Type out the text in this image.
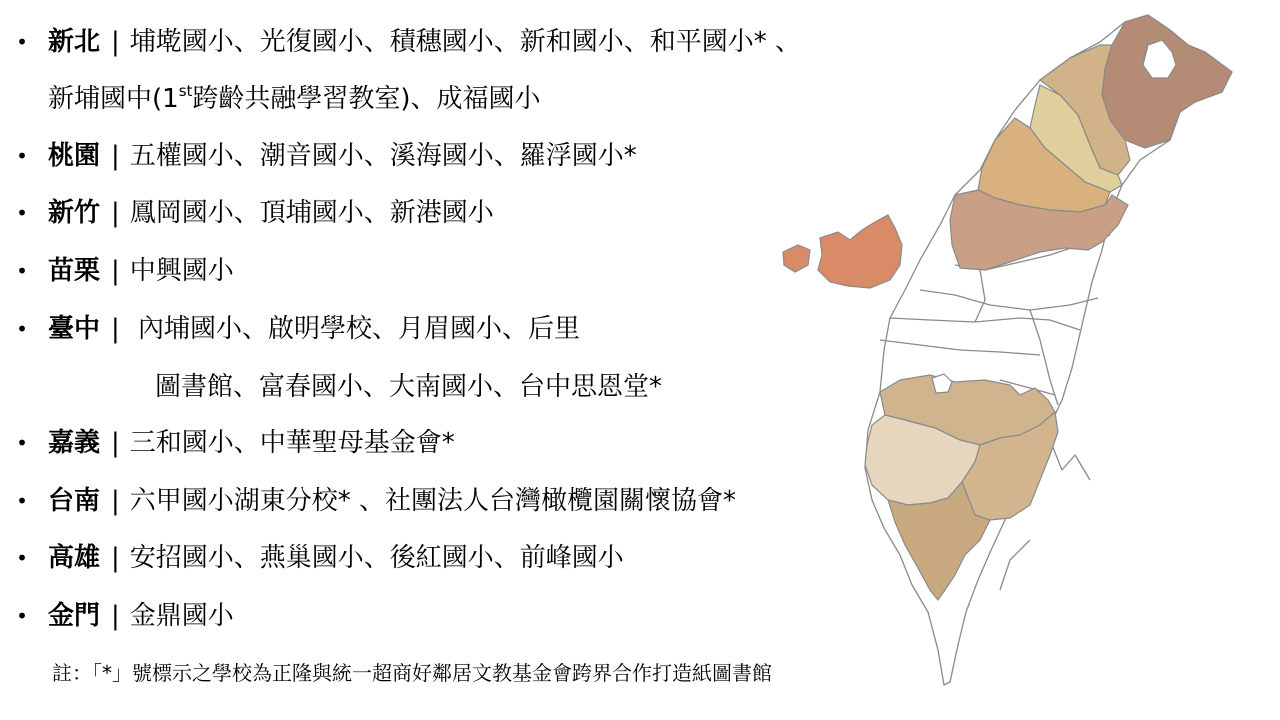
• 新北 | 埔墘國小、光復國小、積穗國小、新和國小、和平國小* 、
新埔國中(1st跨齡共融學習教室)、成福國小
• 桃園 | 五權國小、潮音國小、溪海國小、羅浮國小*
• 新竹 | 鳳岡國小、頂埔國小、新港國小
• 苗栗 | 中興國小
• 臺中 | 內埔國小、啟明學校、月眉國小、后里
圖書館、富春國小、大南國小、台中思恩堂*
• 嘉義 | 三和國小、中華聖母基金會*
• 台南 | 六甲國小湖東分校* 、社團法人台灣橄欖園關懷協會*
• 高雄 | 安招國小、燕巢國小、後紅國小、前峰國小
• 金門 | 金鼎國小
註：「*」號標示之學校為正隆與統一超商好鄰居文教基金會跨界合作打造紙圖書館
